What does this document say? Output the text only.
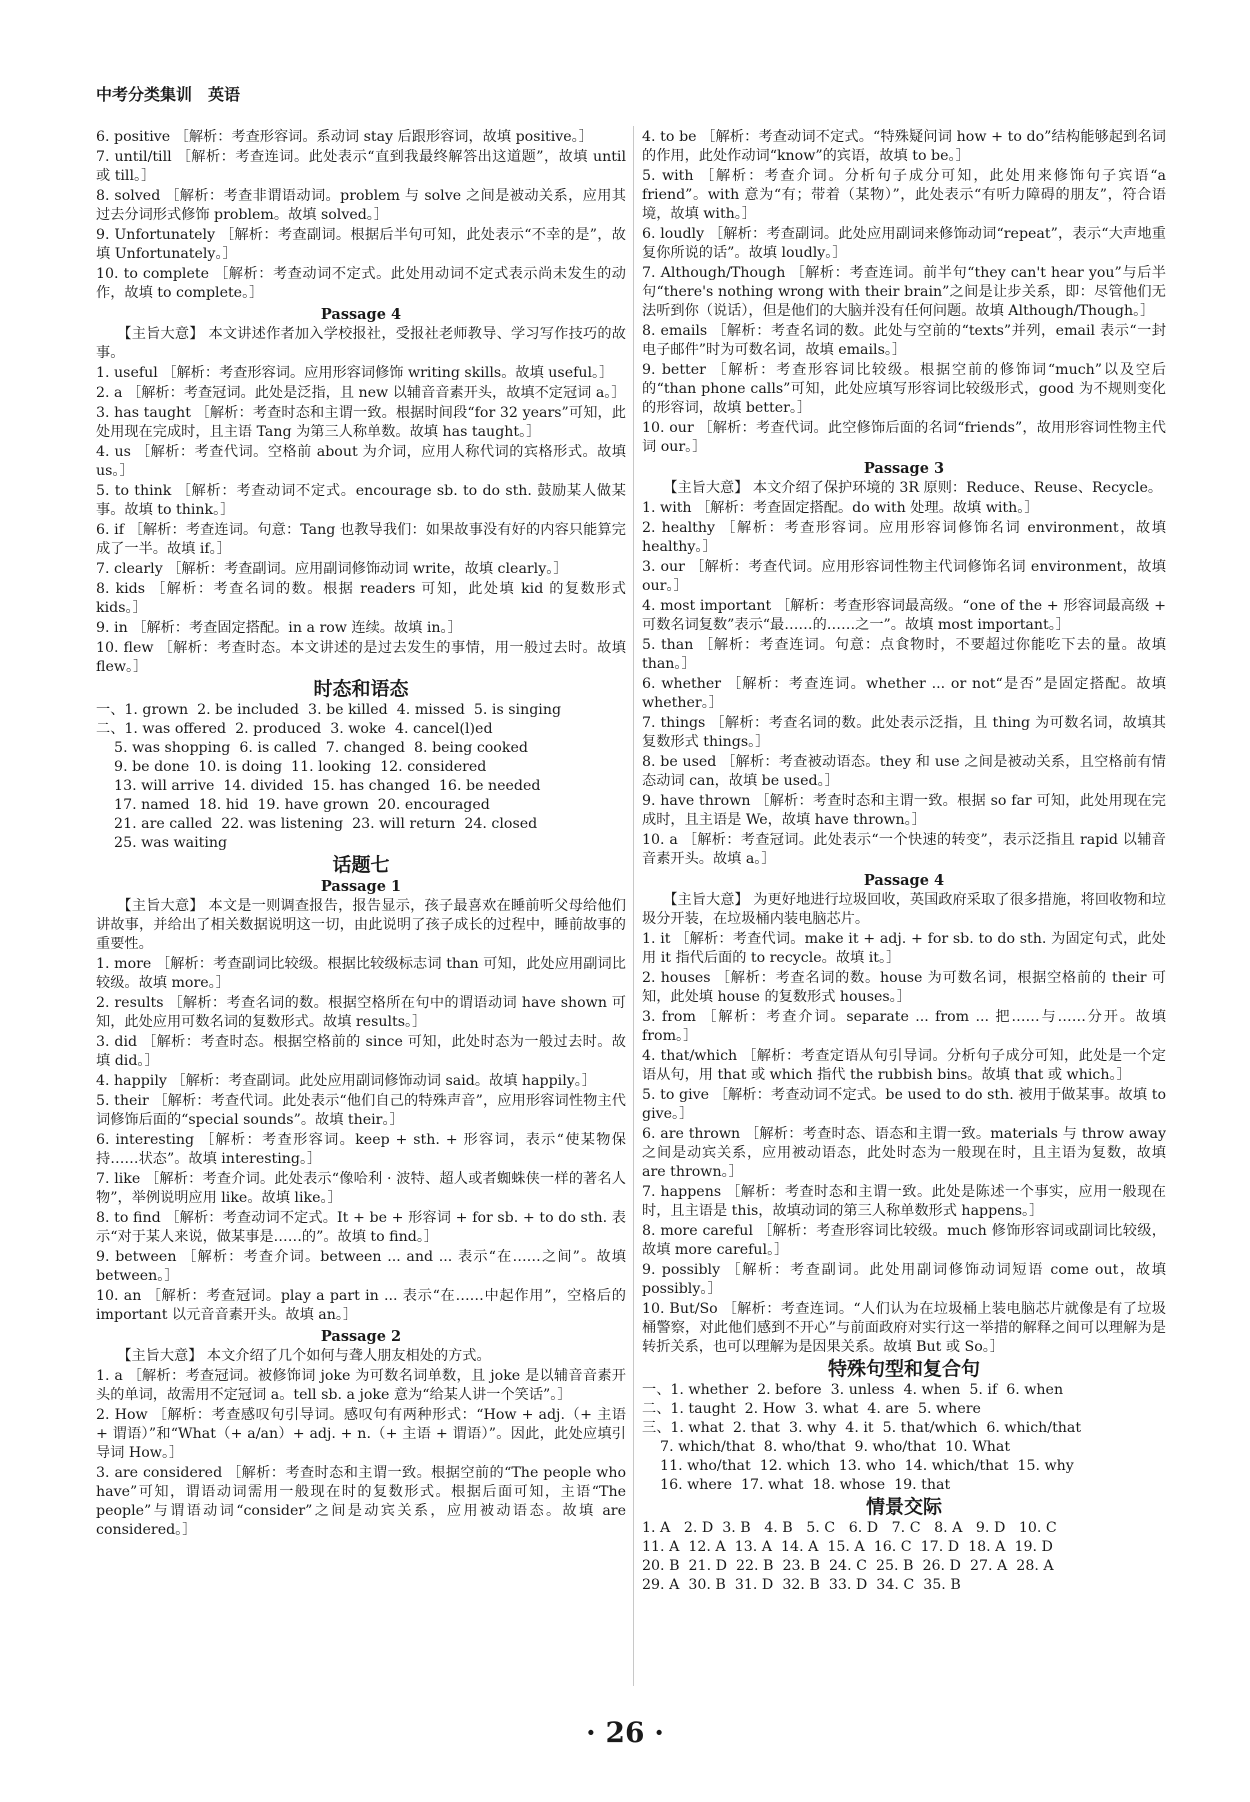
中考分类集训 英语
6. positive ［解析：考查形容词。系动词 stay 后跟形容词，故填 positive。］
7. until/till ［解析：考查连词。此处表示“直到我最终解答出这道题”，故填 until 或 till。］
8. solved ［解析：考查非谓语动词。problem 与 solve 之间是被动关系，应用其过去分词形式修饰 problem。故填 solved。］
9. Unfortunately ［解析：考查副词。根据后半句可知，此处表示“不幸的是”，故填 Unfortunately。］
10. to complete ［解析：考查动词不定式。此处用动词不定式表示尚未发生的动作，故填 to complete。］
Passage 4
【主旨大意】 本文讲述作者加入学校报社，受报社老师教导、学习写作技巧的故事。
1. useful ［解析：考查形容词。应用形容词修饰 writing skills。故填 useful。］
2. a ［解析：考查冠词。此处是泛指，且 new 以辅音音素开头，故填不定冠词 a。］
3. has taught ［解析：考查时态和主谓一致。根据时间段“for 32 years”可知，此处用现在完成时，且主语 Tang 为第三人称单数。故填 has taught。］
4. us ［解析：考查代词。空格前 about 为介词，应用人称代词的宾格形式。故填 us。］
5. to think ［解析：考查动词不定式。encourage sb. to do sth. 鼓励某人做某事。故填 to think。］
6. if ［解析：考查连词。句意：Tang 也教导我们：如果故事没有好的内容只能算完成了一半。故填 if。］
7. clearly ［解析：考查副词。应用副词修饰动词 write，故填 clearly。］
8. kids ［解析：考查名词的数。根据 readers 可知，此处填 kid 的复数形式 kids。］
9. in ［解析：考查固定搭配。in a row 连续。故填 in。］
10. flew ［解析：考查时态。本文讲述的是过去发生的事情，用一般过去时。故填 flew。］
时态和语态
一、1. grown  2. be included  3. be killed  4. missed  5. is singing
二、1. was offered  2. produced  3. woke  4. cancel(l)ed
5. was shopping  6. is called  7. changed  8. being cooked
9. be done  10. is doing  11. looking  12. considered
13. will arrive  14. divided  15. has changed  16. be needed
17. named  18. hid  19. have grown  20. encouraged
21. are called  22. was listening  23. will return  24. closed
25. was waiting
话题七
Passage 1
【主旨大意】 本文是一则调查报告，报告显示，孩子最喜欢在睡前听父母给他们讲故事，并给出了相关数据说明这一切，由此说明了孩子成长的过程中，睡前故事的重要性。
1. more ［解析：考查副词比较级。根据比较级标志词 than 可知，此处应用副词比较级。故填 more。］
2. results ［解析：考查名词的数。根据空格所在句中的谓语动词 have shown 可知，此处应用可数名词的复数形式。故填 results。］
3. did ［解析：考查时态。根据空格前的 since 可知，此处时态为一般过去时。故填 did。］
4. happily ［解析：考查副词。此处应用副词修饰动词 said。故填 happily。］
5. their ［解析：考查代词。此处表示“他们自己的特殊声音”，应用形容词性物主代词修饰后面的“special sounds”。故填 their。］
6. interesting ［解析：考查形容词。keep + sth. + 形容词，表示“使某物保持……状态”。故填 interesting。］
7. like ［解析：考查介词。此处表示“像哈利 · 波特、超人或者蜘蛛侠一样的著名人物”，举例说明应用 like。故填 like。］
8. to find ［解析：考查动词不定式。It + be + 形容词 + for sb. + to do sth. 表示“对于某人来说，做某事是……的”。故填 to find。］
9. between ［解析：考查介词。between ... and ... 表示“在……之间”。故填 between。］
10. an ［解析：考查冠词。play a part in ... 表示“在……中起作用”，空格后的 important 以元音音素开头。故填 an。］
Passage 2
【主旨大意】 本文介绍了几个如何与聋人朋友相处的方式。
1. a ［解析：考查冠词。被修饰词 joke 为可数名词单数，且 joke 是以辅音音素开头的单词，故需用不定冠词 a。tell sb. a joke 意为“给某人讲一个笑话”。］
2. How ［解析：考查感叹句引导词。感叹句有两种形式：“How + adj.（+ 主语 + 谓语）”和“What（+ a/an）+ adj. + n.（+ 主语 + 谓语）”。因此，此处应填引导词 How。］
3. are considered ［解析：考查时态和主谓一致。根据空前的“The people who have”可知，谓语动词需用一般现在时的复数形式。根据后面可知，主语“The people”与谓语动词“consider”之间是动宾关系，应用被动语态。故填 are considered。］
4. to be ［解析：考查动词不定式。“特殊疑问词 how + to do”结构能够起到名词的作用，此处作动词“know”的宾语，故填 to be。］
5. with ［解析：考查介词。分析句子成分可知，此处用来修饰句子宾语“a friend”。with 意为“有；带着（某物）”，此处表示“有听力障碍的朋友”，符合语境，故填 with。］
6. loudly ［解析：考查副词。此处应用副词来修饰动词“repeat”，表示“大声地重复你所说的话”。故填 loudly。］
7. Although/Though ［解析：考查连词。前半句“they can't hear you”与后半句“there's nothing wrong with their brain”之间是让步关系，即：尽管他们无法听到你（说话），但是他们的大脑并没有任何问题。故填 Although/Though。］
8. emails ［解析：考查名词的数。此处与空前的“texts”并列，email 表示“一封电子邮件”时为可数名词，故填 emails。］
9. better ［解析：考查形容词比较级。根据空前的修饰词“much”以及空后的“than phone calls”可知，此处应填写形容词比较级形式，good 为不规则变化的形容词，故填 better。］
10. our ［解析：考查代词。此空修饰后面的名词“friends”，故用形容词性物主代词 our。］
Passage 3
【主旨大意】 本文介绍了保护环境的 3R 原则：Reduce、Reuse、Recycle。
1. with ［解析：考查固定搭配。do with 处理。故填 with。］
2. healthy ［解析：考查形容词。应用形容词修饰名词 environment，故填 healthy。］
3. our ［解析：考查代词。应用形容词性物主代词修饰名词 environment，故填 our。］
4. most important ［解析：考查形容词最高级。“one of the + 形容词最高级 + 可数名词复数”表示“最……的……之一”。故填 most important。］
5. than ［解析：考查连词。句意：点食物时，不要超过你能吃下去的量。故填 than。］
6. whether ［解析：考查连词。whether ... or not“是否”是固定搭配。故填 whether。］
7. things ［解析：考查名词的数。此处表示泛指，且 thing 为可数名词，故填其复数形式 things。］
8. be used ［解析：考查被动语态。they 和 use 之间是被动关系，且空格前有情态动词 can，故填 be used。］
9. have thrown ［解析：考查时态和主谓一致。根据 so far 可知，此处用现在完成时，且主语是 We，故填 have thrown。］
10. a ［解析：考查冠词。此处表示“一个快速的转变”，表示泛指且 rapid 以辅音音素开头。故填 a。］
Passage 4
【主旨大意】 为更好地进行垃圾回收，英国政府采取了很多措施，将回收物和垃圾分开装，在垃圾桶内装电脑芯片。
1. it ［解析：考查代词。make it + adj. + for sb. to do sth. 为固定句式，此处用 it 指代后面的 to recycle。故填 it。］
2. houses ［解析：考查名词的数。house 为可数名词，根据空格前的 their 可知，此处填 house 的复数形式 houses。］
3. from ［解析：考查介词。separate ... from ... 把……与……分开。故填 from。］
4. that/which ［解析：考查定语从句引导词。分析句子成分可知，此处是一个定语从句，用 that 或 which 指代 the rubbish bins。故填 that 或 which。］
5. to give ［解析：考查动词不定式。be used to do sth. 被用于做某事。故填 to give。］
6. are thrown ［解析：考查时态、语态和主谓一致。materials 与 throw away 之间是动宾关系，应用被动语态，此处时态为一般现在时，且主语为复数，故填 are thrown。］
7. happens ［解析：考查时态和主谓一致。此处是陈述一个事实，应用一般现在时，且主语是 this，故填动词的第三人称单数形式 happens。］
8. more careful ［解析：考查形容词比较级。much 修饰形容词或副词比较级，故填 more careful。］
9. possibly ［解析：考查副词。此处用副词修饰动词短语 come out，故填 possibly。］
10. But/So ［解析：考查连词。“人们认为在垃圾桶上装电脑芯片就像是有了垃圾桶警察，对此他们感到不开心”与前面政府对实行这一举措的解释之间可以理解为是转折关系，也可以理解为是因果关系。故填 But 或 So。］
特殊句型和复合句
一、1. whether  2. before  3. unless  4. when  5. if  6. when
二、1. taught  2. How  3. what  4. are  5. where
三、1. what  2. that  3. why  4. it  5. that/which  6. which/that
7. which/that  8. who/that  9. who/that  10. What
11. who/that  12. which  13. who  14. which/that  15. why
16. where  17. what  18. whose  19. that
情景交际
1. A   2. D  3. B   4. B   5. C   6. D   7. C   8. A   9. D   10. C
11. A  12. A  13. A  14. A  15. A  16. C  17. D  18. A  19. D
20. B  21. D  22. B  23. B  24. C  25. B  26. D  27. A  28. A
29. A  30. B  31. D  32. B  33. D  34. C  35. B
· 26 ·
